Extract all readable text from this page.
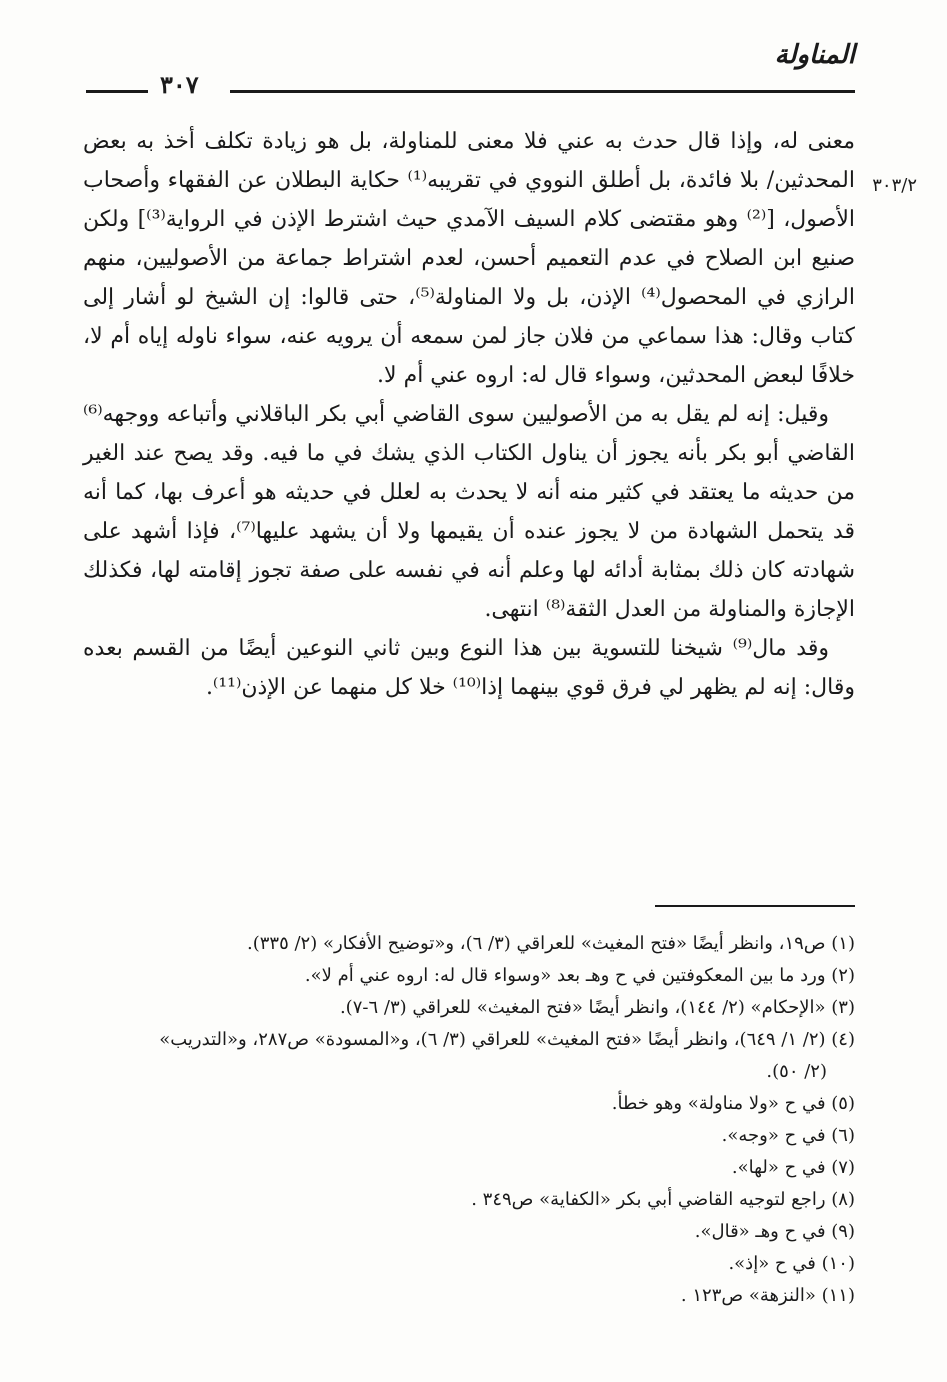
المناولة
٣٠٧
٣٠٣/٢

معنى له، وإذا قال حدث به عني فلا معنى للمناولة، بل هو زيادة تكلف أخذ به بعض المحدثين/ بلا فائدة، بل أطلق النووي في تقريبه⁽¹⁾ حكاية البطلان عن الفقهاء وأصحاب الأصول، [⁽²⁾ وهو مقتضى كلام السيف الآمدي حيث اشترط الإذن في الرواية⁽³⁾] ولكن صنيع ابن الصلاح في عدم التعميم أحسن، لعدم اشتراط جماعة من الأصوليين، منهم الرازي في المحصول⁽⁴⁾ الإذن، بل ولا المناولة⁽⁵⁾، حتى قالوا: إن الشيخ لو أشار إلى كتاب وقال: هذا سماعي من فلان جاز لمن سمعه أن يرويه عنه، سواء ناوله إياه أم لا، خلافًا لبعض المحدثين، وسواء قال له: اروه عني أم لا.

وقيل: إنه لم يقل به من الأصوليين سوى القاضي أبي بكر الباقلاني وأتباعه ووجهه⁽⁶⁾ القاضي أبو بكر بأنه يجوز أن يناول الكتاب الذي يشك في ما فيه. وقد يصح عند الغير من حديثه ما يعتقد في كثير منه أنه لا يحدث به لعلل في حديثه هو أعرف بها، كما أنه قد يتحمل الشهادة من لا يجوز عنده أن يقيمها ولا أن يشهد عليها⁽⁷⁾، فإذا أشهد على شهادته كان ذلك بمثابة أدائه لها وعلم أنه في نفسه على صفة تجوز إقامته لها، فكذلك الإجازة والمناولة من العدل الثقة⁽⁸⁾ انتهى.

وقد مال⁽⁹⁾ شيخنا للتسوية بين هذا النوع وبين ثاني النوعين أيضًا من القسم بعده وقال: إنه لم يظهر لي فرق قوي بينهما إذا⁽¹⁰⁾ خلا كل منهما عن الإذن⁽¹¹⁾.

(١) ص١٩، وانظر أيضًا «فتح المغيث» للعراقي (٣/ ٦)، و«توضيح الأفكار» (٢/ ٣٣٥).

(٢) ورد ما بين المعكوفتين في ح وهـ بعد «وسواء قال له: اروه عني أم لا».

(٣) «الإحكام» (٢/ ١٤٤)، وانظر أيضًا «فتح المغيث» للعراقي (٣/ ٦-٧).

(٤) (٢/ ١/ ٦٤٩)، وانظر أيضًا «فتح المغيث» للعراقي (٣/ ٦)، و«المسودة» ص٢٨٧، و«التدريب»

(٢/ ٥٠).

(٥) في ح «ولا مناولة» وهو خطأ.

(٦) في ح «وجه».

(٧) في ح «لها».

(٨) راجع لتوجيه القاضي أبي بكر «الكفاية» ص٣٤٩ .

(٩) في ح وهـ «قال».

(١٠) في ح «إذ».

(١١) «النزهة» ص١٢٣ .
